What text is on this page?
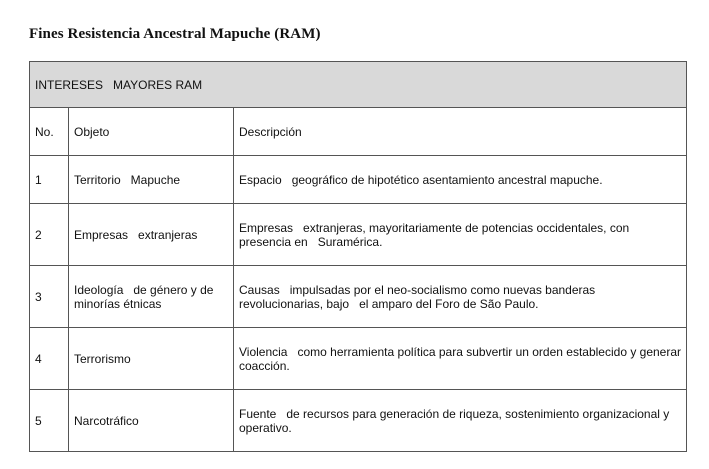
Fines Resistencia Ancestral Mapuche (RAM)
INTERESES   MAYORES RAM		
No.	Objeto	Descripción
1	Territorio   Mapuche	Espacio   geográfico de hipotético asentamiento ancestral mapuche.
2	Empresas   extranjeras	Empresas   extranjeras, mayoritariamente de potencias occidentales, con presencia en   Suramérica.
3	Ideología   de género y de minorías étnicas	Causas   impulsadas por el neo-socialismo como nuevas banderas revolucionarias, bajo   el amparo del Foro de São Paulo.
4	Terrorismo	Violencia   como herramienta política para subvertir un orden establecido y generar   coacción.
5	Narcotráfico	Fuente   de recursos para generación de riqueza, sostenimiento organizacional y   operativo.
